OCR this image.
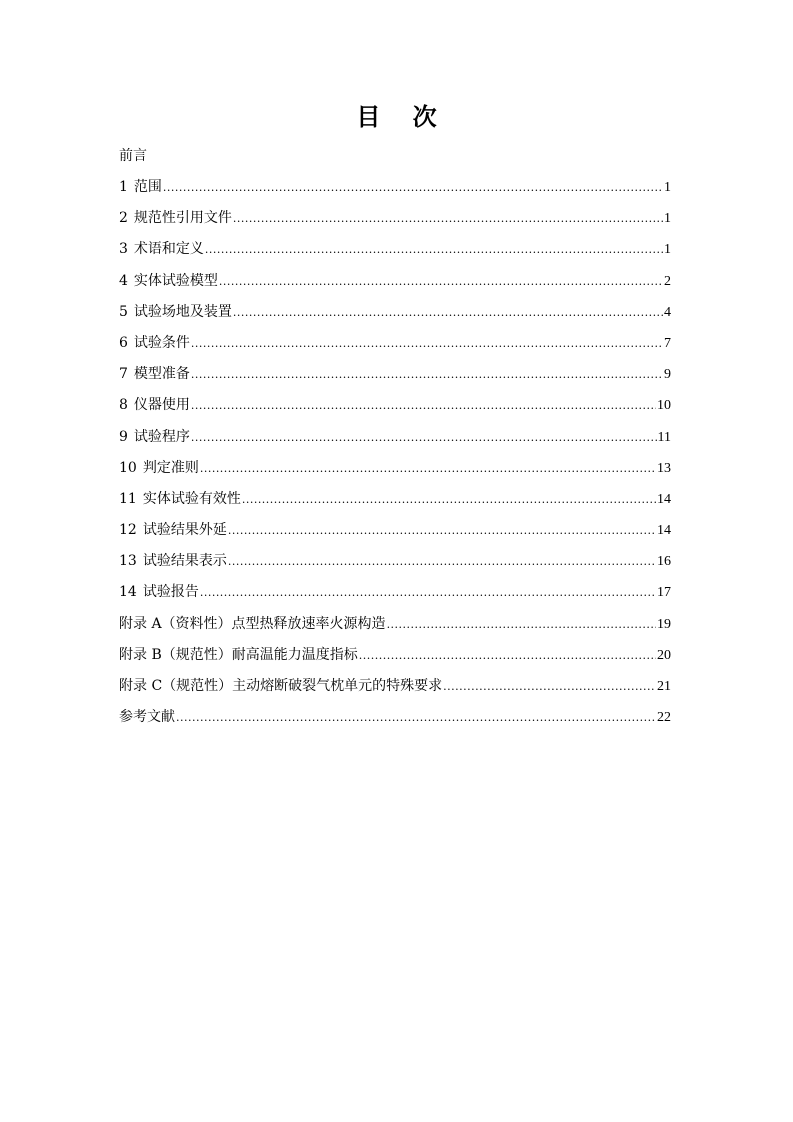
目 次
前言
1 范围 .....	1
2 规范性引用文件 .....	1
3 术语和定义 .....	1
4 实体试验模型 .....	2
5 试验场地及装置 .....	4
6 试验条件 .....	7
7 模型准备 .....	9
8 仪器使用 .....	10
9 试验程序 .....	11
10 判定准则 .....	13
11 实体试验有效性 .....	14
12 试验结果外延 .....	14
13 试验结果表示 .....	16
14 试验报告 .....	17
附录 A（资料性）点型热释放速率火源构造 .....	19
附录 B（规范性）耐高温能力温度指标 .....	20
附录 C（规范性）主动熔断破裂气枕单元的特殊要求 .....	21
参考文献 .....	22
